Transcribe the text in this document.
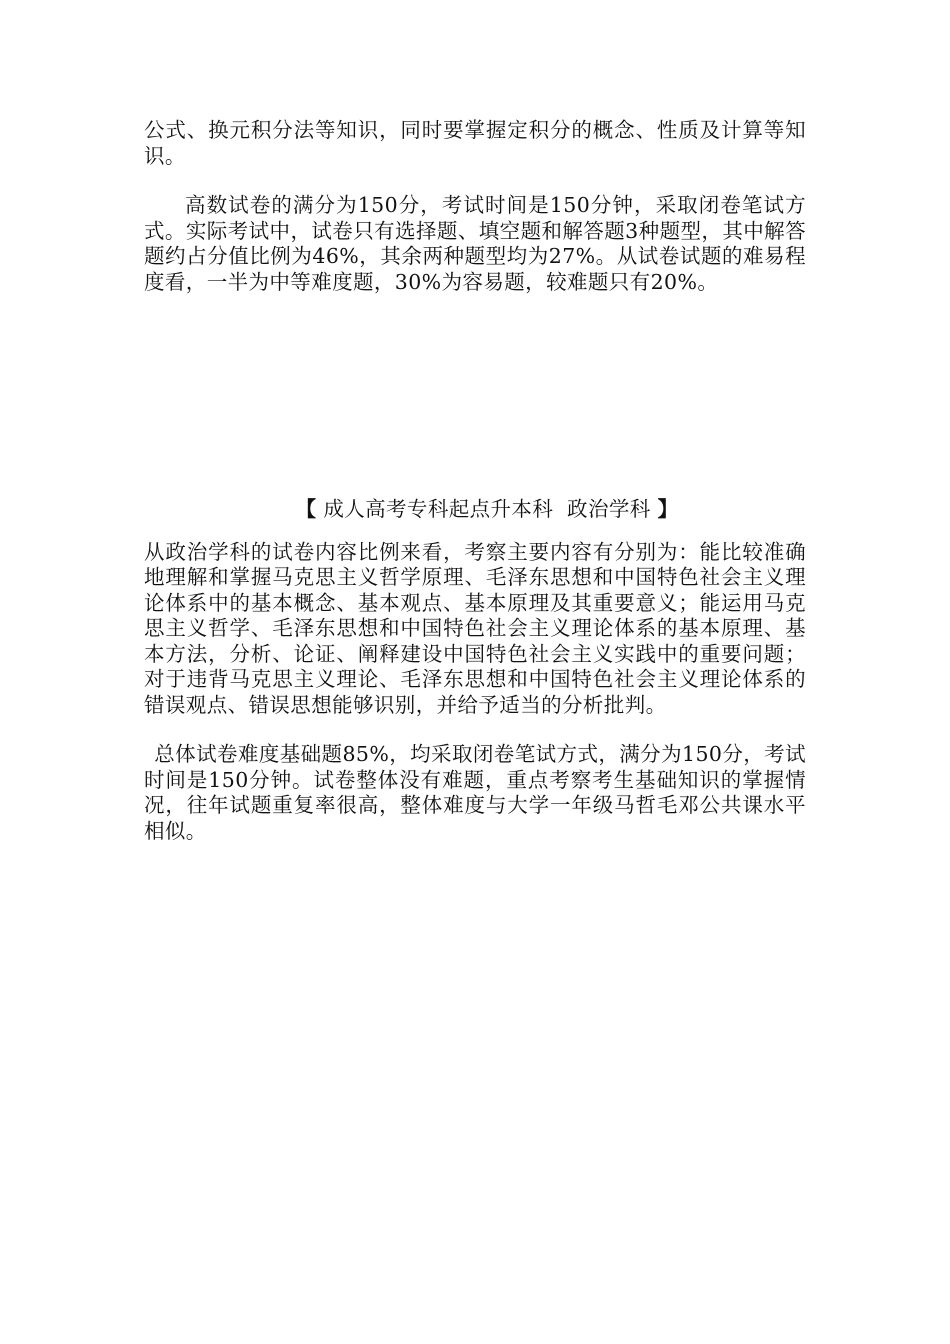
公式、换元积分法等知识，同时要掌握定积分的概念、性质及计算等知识。

高数试卷的满分为150分，考试时间是150分钟，采取闭卷笔试方式。实际考试中，试卷只有选择题、填空题和解答题3种题型，其中解答题约占分值比例为46%，其余两种题型均为27%。从试卷试题的难易程度看，一半为中等难度题，30%为容易题，较难题只有20%。

【 成人高考专科起点升本科  政治学科 】

从政治学科的试卷内容比例来看，考察主要内容有分别为：能比较准确地理解和掌握马克思主义哲学原理、毛泽东思想和中国特色社会主义理论体系中的基本概念、基本观点、基本原理及其重要意义；能运用马克思主义哲学、毛泽东思想和中国特色社会主义理论体系的基本原理、基本方法，分析、论证、阐释建设中国特色社会主义实践中的重要问题；对于违背马克思主义理论、毛泽东思想和中国特色社会主义理论体系的错误观点、错误思想能够识别，并给予适当的分析批判。

总体试卷难度基础题85%，均采取闭卷笔试方式，满分为150分，考试时间是150分钟。试卷整体没有难题，重点考察考生基础知识的掌握情况，往年试题重复率很高，整体难度与大学一年级马哲毛邓公共课水平相似。
